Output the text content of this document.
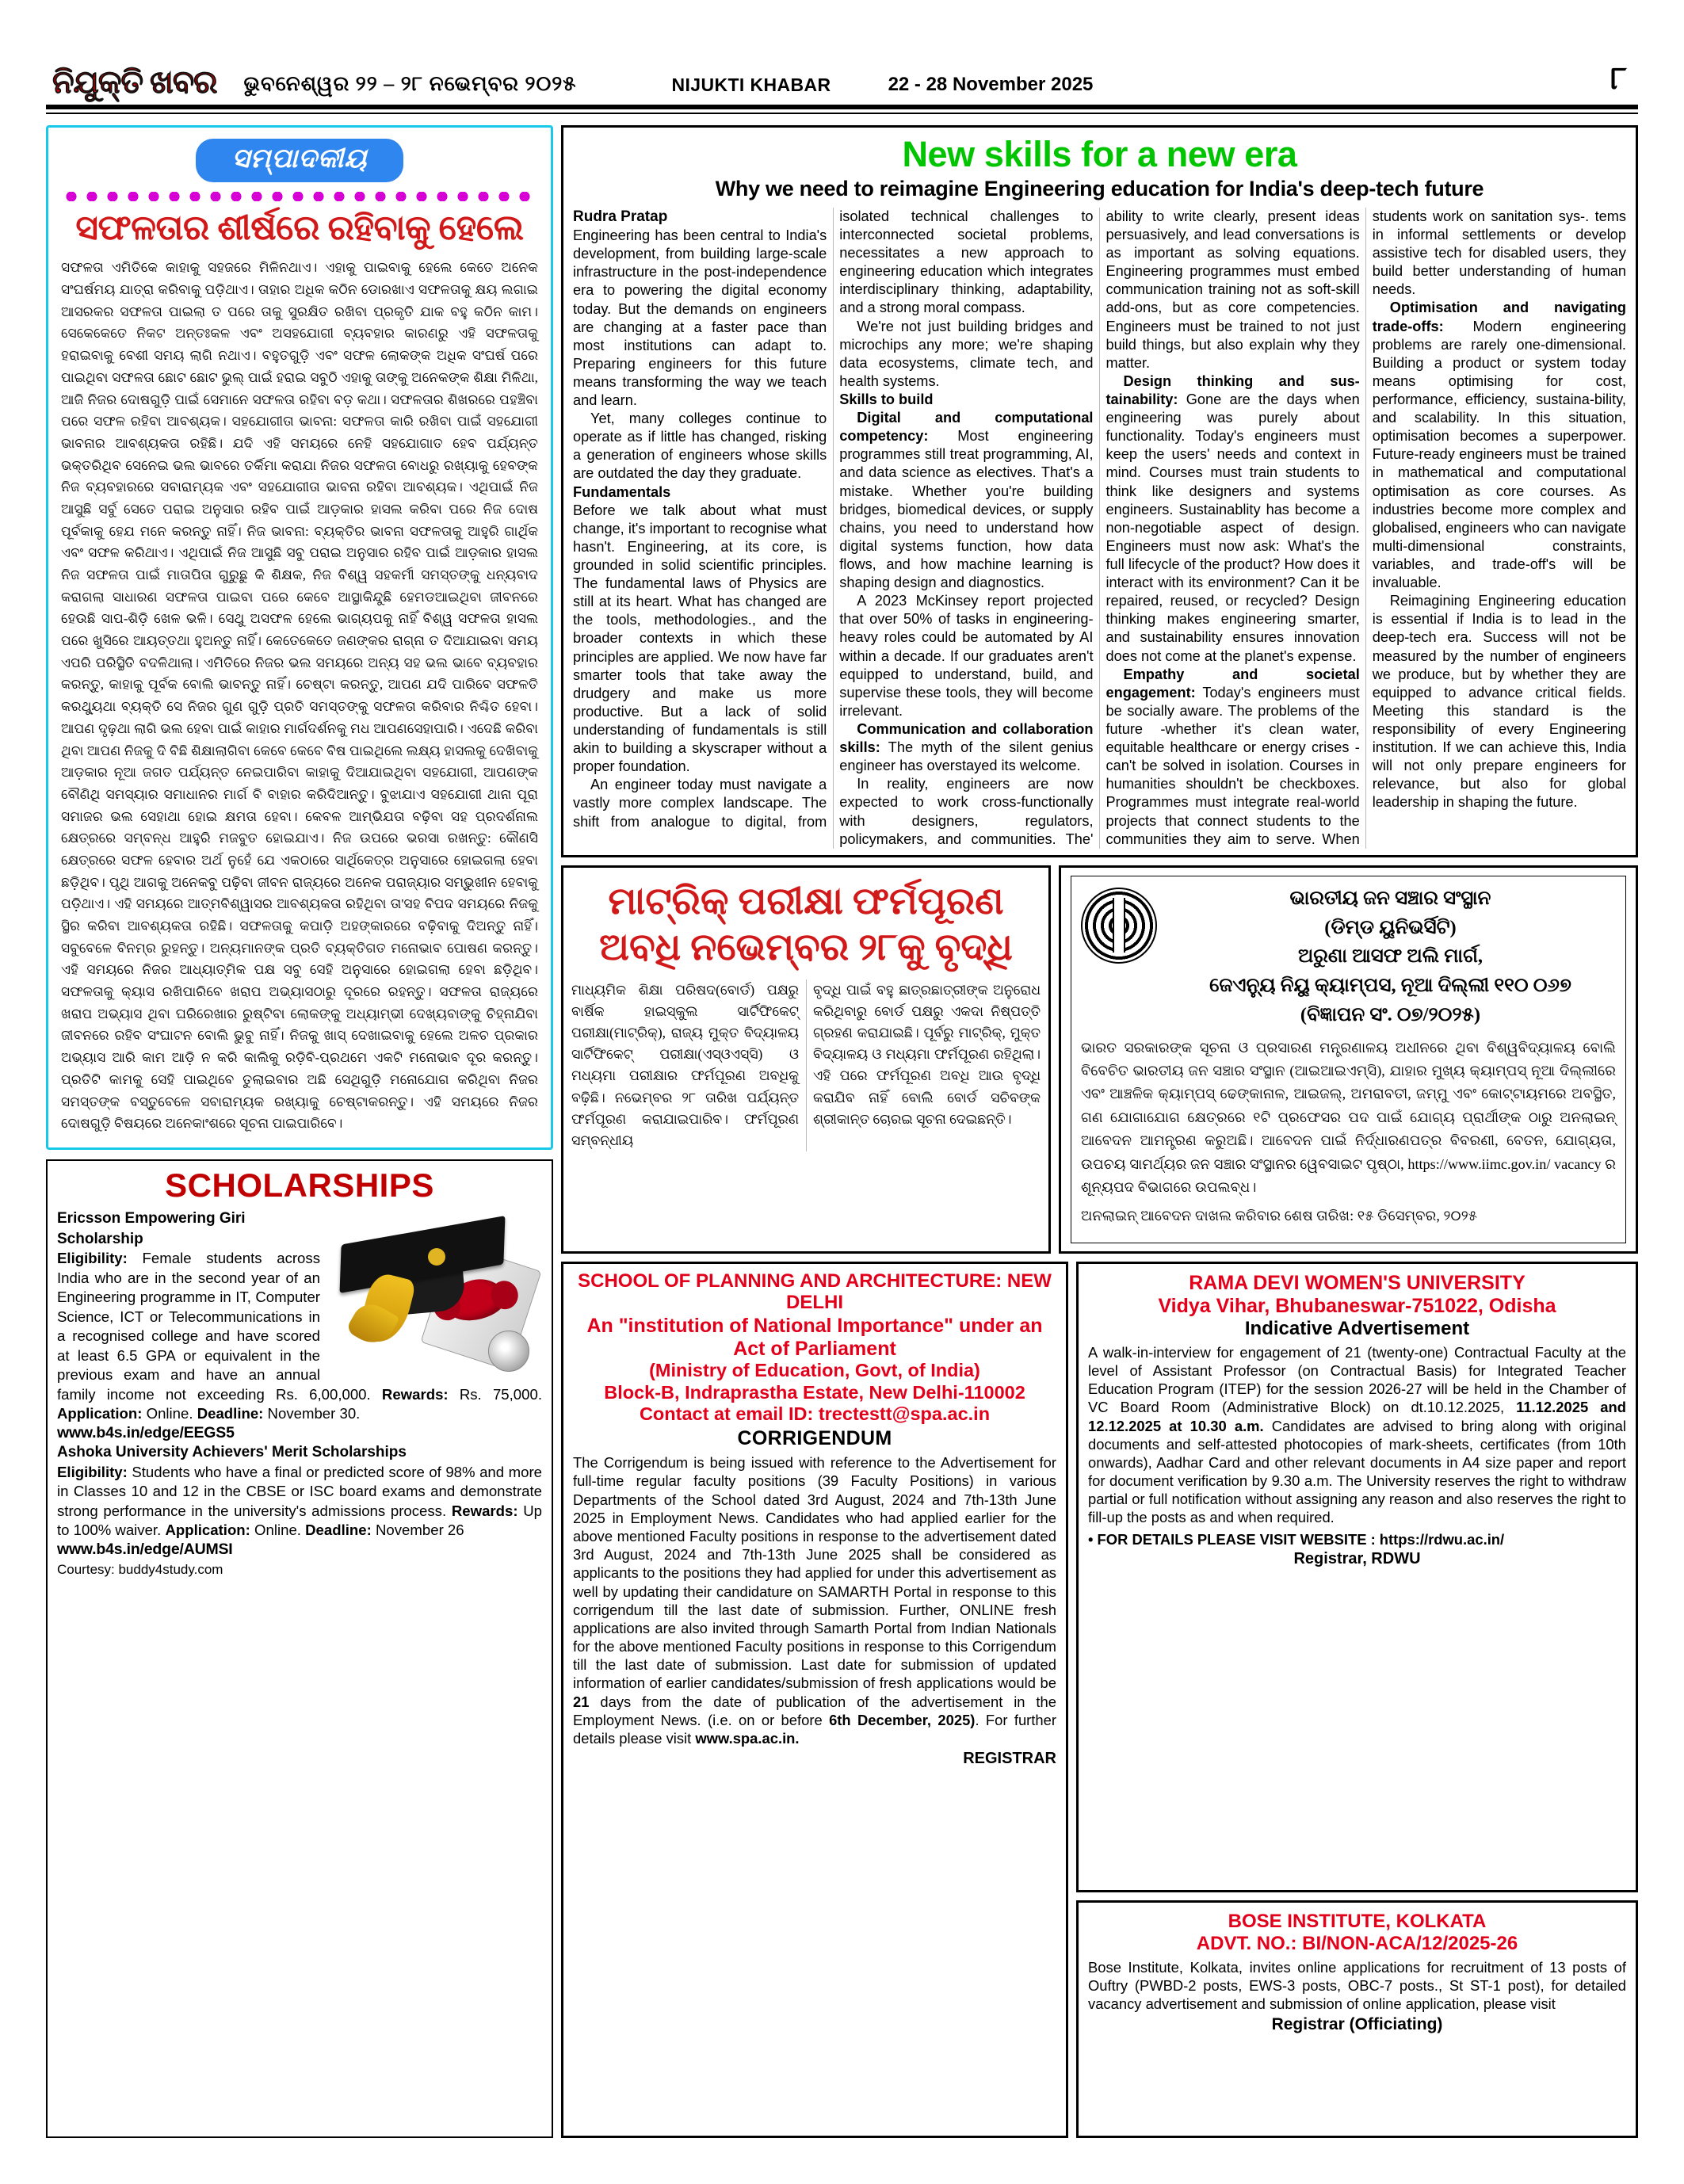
ନିଯୁକ୍ତି ଖବର	ଭୁବନେଶ୍ୱର ୨୨ – ୨୮ ନଭେମ୍ବର ୨୦୨୫	NIJUKTI KHABAR	22 - 28 November 2025	୮
ସମ୍ପାଦକୀୟ
ସଫଳତାର ଶୀର୍ଷରେ ରହିବାକୁ ହେଲେ
ସଫଳତା ଏମିତିକେ କାହାକୁ ସହଜରେ ମିଳିନଥାଏ। ଏହାକୁ ପାଇବାକୁ ହେଲେ କେତେ ଅନେକ ସଂଘର୍ଷମୟ ଯାତ୍ରା କରିବାକୁ ପଡ଼ିଥାଏ। ତାହାର ଅଧିକ କଠିନ ଡୋରଖାଏ ସଫଳତାକୁ କ୍ଷୟ ଲଗାଇ ଆସରକର ସଫଳତା ପାଇଲା ତ ପରେ ତାକୁ ସୁରକ୍ଷିତ ରଖିବା ପ୍ରକୃତି ଯାକ ବହୁ କଠିନ କାମ। ସେକେକେତେ ନିକଟ ଅନ୍ତଃକଳ ଏବଂ ଅସହଯୋଗୀ ବ୍ୟବହାର କାରଣରୁ ଏହି ସଫଳତାକୁ ହରାଇବାକୁ ବେଶୀ ସମୟ ଲାଗି ନଥାଏ। ବହୁତଗୁଡ଼ି ଏବଂ ସଫଳ ଲୋକଙ୍କ ଅଧିକ ସଂଘର୍ଷ ପରେ ପାଇଥିବା ସଫଳତା ଛୋଟ ଛୋଟ ଭୁଲ୍ ପାଇଁ ହରାଇ ସବୁଠି ଏହାକୁ ତାଙ୍କୁ ଅନେକଙ୍କ ଶିକ୍ଷା ମିଳିଥା, ଆଜି ନିଜର ଦୋଷଗୁଡ଼ି ପାଇଁ ସେମାନେ ସଫଳତା ରହିବା ବଡ଼ କଥା। ସଫଳତାର ଶିଖରରେ ପହଞ୍ଚିବା ପରେ ସଫଳ ରହିବା ଆବଶ୍ୟକ। ସହଯୋଗୀତା ଭାବନା: ସଫଳତା କାରି ରଖିବା ପାଇଁ ସହଯୋଗୀ ଭାବନାର ଆବଶ୍ୟକତା ରହିଛି। ଯଦି ଏହି ସମୟରେ ନେହି ସହଯୋଗାତ ହେବ ପର୍ଯ୍ୟନ୍ତ ଭକ୍ତରିଥିବ ସେନେଇ ଭଲ ଭାବରେ ତର୍କିମା କରାଯା ନିଜର ସଫଳତା ବୋଧରୁ ରଖ୍ୟାକୁ ହେବଙ୍କ ନିଜ ବ୍ୟବହାରରେ ସବାରାମ୍ୟକ ଏବଂ ସହଯୋଗୀତା ଭାବନା ରହିବା ଆବଶ୍ୟକ। ଏଥିପାଇଁ ନିଜ ଆସୁଛି ସର୍ବୁ ସେତେ ପରାଇ ଅନୁସାର ରହିବ ପାଇଁ ଆଡ଼କାର ହାସଲ କରିବା ପରେ ନିଜ ଦୋଷ ପୂର୍ବକାକୁ ହେଯ ମନେ କରନ୍ତୁ ନାହିଁ। ନିଜ ଭାବନା: ବ୍ୟକ୍ତିର ଭାବନା ସଫଳତାକୁ ଆହୁରି ଗାର୍ଥିକ ଏବଂ ସଫଳ କରିଥାଏ। ଏଥିପାଇଁ ନିଜ ଆସୁଛି ସବୁ ପରାଇ ଅନୁସାର ରହିବ ପାଇଁ ଆଡ଼କାର ହାସଲ ନିଜ ସଫଳତା ପାଇଁ ମାତାପିତା ଗୁରୁଛୁ କି ଶିକ୍ଷକ, ନିଜ ବିଶ୍ୱ ସହକର୍ମୀ ସମସ୍ତଙ୍କୁ ଧନ୍ୟବାଦ କରାଗଲା ସାଧାରଣ ସଫଳତା ପାଇବା ପରେ କେବେ ଆସ୍ଥାକିନ୍ଦୁଛି ହେମଡଆଇଥିବା ଜୀବନରେ ହେଉଛି ସାପ-ଶିଡ଼ି ଖେଳ ଭଳି। ସେଥୁ ଅସଫଳ ହେଲେ ଭାଗ୍ୟପକୁ ନାହିଁ ବିଶ୍ୱ ସଫଳତା ହାସଲ ପରେ ଖୁସିରେ ଆୟତ୍ତଥା ହୁଅନ୍ତୁ ନାହିଁ। କେତେକେତେ ଜଣଙ୍କର ରାଗ୍ନା ତ ଦିଆଯାଇବା ସମୟ ଏପରି ପରିସ୍ଥିତି ବଦଳିଥାଲା। ଏମିତିରେ ନିଜର ଭଲ ସମୟରେ ଅନ୍ୟ ସହ ଭଲ ଭାବେ ବ୍ୟବହାର କରନ୍ତୁ, କାହାକୁ ପୂର୍ବକ ବୋଲି ଭାବନ୍ତୁ ନାହିଁ। ଚେଷ୍ଟା କରନ୍ତୁ, ଆପଣ ଯଦି ପାରିବେ ସଫଳତି କରଥ୍ୟୁଥା ବ୍ୟକ୍ତି ସେ ନିଜର ଗୁଣ ଗୁଡ଼ି ପ୍ରତି ସମସ୍ତଙ୍କୁ ସଫଳତା କରିବାର ନିଶ୍ଚିତ ହେବା। ଆପଣ ଦୃଢ଼ଥା ଲାଗି ଭଲ ହେବା ପାଇଁ କାହାର ମାର୍ଗଦର୍ଶନକୁ ମଧ ଆପଣସେହାପାରି। ଏଦେଛି କରିବା ଥିବା ଆପଣ ନିଜକୁ ଦି ବିଛି ଶିକ୍ଷାଲାଗିବା କେବେ କେବେ ବିଷ ପାଇଥିଲେ ଲକ୍ଷ୍ୟ ହାସଲକୁ ଦେଖିବାକୁ ଆଡ଼କାର ନୂଆ ଜଗତ ପର୍ଯ୍ୟନ୍ତ ନେଇପାରିବା କାହାକୁ ଦିଆଯାଇଥିବା ସହଯୋଗୀ, ଆପଣଙ୍କ ବୌଣିଥି ସମସ୍ୟାର ସମାଧାନର ମାର୍ଗ ବି ବାହାର କରିଦିଆନ୍ତୁ। ବୁଝାଯାଏ ସହଯୋଗୀ ଥାନା ପୂରା ସମାଜର ଭଲ ସେହାଥା ହୋଇ କ୍ଷମତା ହେବା। କେବଳ ଆମ୍ଭିଯତା ବଢ଼ିବା ସହ ପ୍ରଦର୍ଶନାଲ କ୍ଷେତ୍ରରେ ସମ୍ବନ୍ଧ ଆହୁରି ମଜବୁତ ହୋଇଯାଏ। ନିଜ ଉପରେ ଭରସା ରଖନ୍ତୁ: କୌଣସି କ୍ଷେତ୍ରରେ ସଫଳ ହେବାର ଅର୍ଥ ନୁହେଁ ଯେ ଏକଠାରେ ସାର୍ଥିକେତ୍ର ଅନୁସାରେ ହୋଇଗଲା ହେବା ଛଡ଼ିଥିବ। ପୃଥି ଆଗକୁ ଅନେକବୁ ପଢ଼ିବା ଜୀବନ ରାଜ୍ୟରେ ଅନେକ ପରାଜ୍ୟାର ସମ୍ଭୁଖୀନ ହେବାକୁ ପଡ଼ିଥାଏ। ଏହି ସମୟରେ ଆତ୍ମବିଶ୍ୱାସର ଆବଶ୍ୟକତା ରହିଥିବା ତା'ସହ ବିପଦ ସମୟରେ ନିଜକୁ ସ୍ଥିର କରିବା ଆବଶ୍ୟକତା ରହିଛି। ସଫଳତାକୁ କପାଡ଼ି ଅହଙ୍କାରରେ ବଢ଼ିବାକୁ ଦିଅନ୍ତୁ ନାହିଁ। ସବୁବେଳେ ବିନମ୍ର ରୁହନ୍ତୁ। ଅନ୍ୟମାନଙ୍କ ପ୍ରତି ବ୍ୟକ୍ତିଗତ ମନୋଭାବ ପୋଷଣ କରନ୍ତୁ। ଏହି ସମୟରେ ନିଜର ଆଧ୍ୟାତ୍ମିକ ପକ୍ଷ ସବୁ ସେହି ଅନୁସାରେ ହୋଇଗଲା ହେବା ଛଡ଼ିଥିବ। ସଫଳତାକୁ କ୍ୟାସ ରଖିପାରିବେ ଖରାପ ଅଭ୍ୟାସଠାରୁ ଦୂରରେ ରହନ୍ତୁ। ସଫଳତା ରାଜ୍ୟରେ ଖରାପ ଅଭ୍ୟାସ ଥିବା ଘରିରେଖାର ରୁଷ୍ଟିବା ଲୋକଙ୍କୁ ଅଧ୍ୟାମ୍ଭୀ ଦେଖ୍ୟବାଙ୍କୁ ଚିହ୍ନାଯିବା ଜୀବନରେ ରହିବ ସଂଘାଟନ ବୋଲି ଭୁବୁ ନାହିଁ। ନିଜକୁ ଖାସ୍ ଦେଖାଇବାକୁ ହେଲେ ଅଳଚ ପ୍ରକାର ଅଭ୍ୟାସ ଆରି କାମ ଆଡ଼ି ନ କରି କାଲିକୁ ରଡ଼ିବି-ପ୍ରଥମେ ଏକଟି ମନୋଭାବ ଦୂର କରନ୍ତୁ। ପ୍ରତିଟି କାମକୁ ସେହି ପାଇଥିବେ ତୁଲାଇବାର ଅଛି ସେଥିଗୁଡ଼ି ମନୋଯୋଗ କରିଥିବା ନିଜର ସମସ୍ତଙ୍କ ବସ୍ତୁବେଳେ ସବାରାମ୍ୟକ ରଖ୍ୟାକୁ ଚେଷ୍ଟାକରନ୍ତୁ। ଏହି ସମୟରେ ନିଜର ଦୋଷଗୁଡ଼ି ବିଷୟରେ ଅନେକାଂଶରେ ସୂଚନା ପାଇପାରିବେ।
SCHOLARSHIPS
Ericsson Empowering Giri Scholarship
Eligibility: Female students across India who are in the second year of an Engineering programme in IT, Computer Science, ICT or Telecommunications in a recognised college and have scored at least 6.5 GPA or equivalent in the previous exam and have an annual family income not exceeding Rs. 6,00,000. Rewards: Rs. 75,000. Application: Online. Deadline: November 30.
www.b4s.in/edge/EEGS5
Ashoka University Achievers' Merit Scholarships
Eligibility: Students who have a final or predicted score of 98% and more in Classes 10 and 12 in the CBSE or ISC board exams and demonstrate strong performance in the university's admissions process. Rewards: Up to 100% waiver. Application: Online. Deadline: November 26
www.b4s.in/edge/AUMSI
Courtesy: buddy4study.com
New skills for a new era
Why we need to reimagine Engineering education for India's deep-tech future

Rudra Pratap
Engineering has been central to India's development, from building large-scale infrastructure in the post-independence era to powering the digital economy today. But the demands on engineers are changing at a faster pace than most institutions can adapt to. Preparing engineers for this future means transforming the way we teach and learn.

Yet, many colleges continue to operate as if little has changed, risking a generation of engineers whose skills are outdated the day they graduate.

Fundamentals

Before we talk about what must change, it's important to recognise what hasn't. Engineering, at its core, is grounded in solid scientific principles. The fundamental laws of Physics are still at its heart. What has changed are the tools, methodologies., and the broader contexts in which these principles are applied. We now have far smarter tools that take away the drudgery and make us more productive. But a lack of solid understanding of fundamentals is still akin to building a skyscraper without a proper foundation.

An engineer today must navigate a vastly more complex landscape. The shift from analogue to digital, from isolated technical challenges to interconnected societal problems, necessitates a new approach to engineering education which integrates interdisciplinary thinking, adaptability, and a strong moral compass.

We're not just building bridges and microchips any more; we're shaping data ecosystems, climate tech, and health systems.

Skills to build

Digital and computational competency: Most engineering programmes still treat programming, AI, and data science as electives. That's a mistake. Whether you're building bridges, biomedical devices, or supply chains, you need to understand how digital systems function, how data flows, and how machine learning is shaping design and diagnostics.

A 2023 McKinsey report projected that over 50% of tasks in engineering-heavy roles could be automated by AI within a decade. If our graduates aren't equipped to understand, build, and supervise these tools, they will become irrelevant.

Communication and collaboration skills: The myth of the silent genius engineer has overstayed its welcome.

In reality, engineers are now expected to work cross-functionally with designers, regulators, policymakers, and communities. The' ability to write clearly, present ideas persuasively, and lead conversations is as important as solving equations. Engineering programmes must embed communication training not as soft-skill add-ons, but as core competencies. Engineers must be trained to not just build things, but also explain why they matter.

Design thinking and sus-tainability: Gone are the days when engineering was purely about functionality. Today's engineers must keep the users' needs and context in mind. Courses must train students to think like designers and systems engineers. Sustainablity has become a non-negotiable aspect of design. Engineers must now ask: What's the full lifecycle of the product? How does it interact with its environment? Can it be repaired, reused, or recycled? Design thinking makes engineering smarter, and sustainability ensures innovation does not come at the planet's expense.

Empathy and societal engagement: Today's engineers must be socially aware. The problems of the future -whether it's clean water, equitable healthcare or energy crises - can't be solved in isolation. Courses in humanities shouldn't be checkboxes. Programmes must integrate real-world projects that connect students to the communities they aim to serve. When students work on sanitation sys-. tems in informal settlements or develop assistive tech for disabled users, they build better understanding of human needs.

Optimisation and navigating trade-offs: Modern engineering problems are rarely one-dimensional. Building a product or system today means optimising for cost, performance, efficiency, sustaina-bility, and scalability. In this situation, optimisation becomes a superpower. Future-ready engineers must be trained in mathematical and computational optimisation as core courses. As industries become more complex and globalised, engineers who can navigate multi-dimensional constraints, variables, and trade-off's will be invaluable.

Reimagining Engineering education is essential if India is to lead in the deep-tech era. Success will not be measured by the number of engineers we produce, but by whether they are equipped to advance critical fields. Meeting this standard is the responsibility of every Engineering institution. If we can achieve this, India will not only prepare engineers for relevance, but also for global leadership in shaping the future.

ମାଟ୍ରିକ୍ ପରୀକ୍ଷା ଫର୍ମପୂରଣ
ଅବଧି ନଭେମ୍ବର ୨୮କୁ ବୃଦ୍ଧି

ମାଧ୍ୟମିକ ଶିକ୍ଷା ପରିଷଦ(ବୋର୍ଡ) ପକ୍ଷରୁ ବାର୍ଷିକ ହାଇସ୍କୁଲ ସାର୍ଟିଫିକେଟ୍ ପରୀକ୍ଷା(ମାଟ୍ରିକ୍), ରାଜ୍ୟ ମୁକ୍ତ ବିଦ୍ୟାଳୟ ସାର୍ଟିଫିକେଟ୍ ପରୀକ୍ଷା(ଏସ୍ଓଏସ୍ସି) ଓ ମଧ୍ୟମା ପରୀକ୍ଷାର ଫର୍ମପୂରଣ ଅବଧିକୁ ବଢ଼ିଛି। ନଭେମ୍ବର ୨୮ ତାରିଖ ପର୍ଯ୍ୟନ୍ତ ଫର୍ମପୂରଣ କରାଯାଇପାରିବ। ଫର୍ମପୂରଣ ସମ୍ବନ୍ଧୀୟ

ବୃଦ୍ଧି ପାଇଁ ବହୁ ଛାତ୍ରଛାତ୍ରୀଙ୍କ ଅନୁରୋଧ କରିଥିବାରୁ ବୋର୍ଡ ପକ୍ଷରୁ ଏକଦା ନିଷ୍ପତ୍ତି ଗ୍ରହଣ କରାଯାଇଛି। ପୂର୍ବରୁ ମାଟ୍ରିକ୍, ମୁକ୍ତ ବିଦ୍ୟାଳୟ ଓ ମଧ୍ୟମା ଫର୍ମପୂରଣ ରହିଥିଲା। ଏହି ପରେ ଫର୍ମପୂରଣ ଅବଧି ଆଉ ବୃଦ୍ଧି କରାଯିବ ନାହିଁ ବୋଲି ବୋର୍ଡ ସଚିବଙ୍କ ଶ୍ରୀକାନ୍ତ ଚୋରଇ ସୂଚନା ଦେଇଛନ୍ତି।

ଭାରତୀୟ ଜନ ସଞ୍ଚାର ସଂସ୍ଥାନ
(ଡିମ୍ଡ ୟୁନିଭର୍ସିଟି)
ଅରୁଣା ଆସଫ ଅଲି ମାର୍ଗ,
ଜେଏନ୍ୟୁ ନିୟୁ କ୍ୟାମ୍ପସ, ନୂଆ ଦିଲ୍ଲୀ ୧୧୦ ୦୬୭
(ବିଜ୍ଞାପନ ସଂ. ୦୭/୨୦୨୫)
ଭାରତ ସରକାରଙ୍କ ସୂଚନା ଓ ପ୍ରସାରଣ ମନ୍ତ୍ରଣାଳୟ ଅଧୀନରେ ଥିବା ବିଶ୍ୱବିଦ୍ୟାଳୟ ବୋଲି ବିବେଚିତ ଭାରତୀୟ ଜନ ସଞ୍ଚାର ସଂସ୍ଥାନ (ଆଇଆଇଏମ୍ସି), ଯାହାର ମୁଖ୍ୟ କ୍ୟାମ୍ପସ୍ ନୂଆ ଦିଲ୍ଲୀରେ ଏବଂ ଆଞ୍ଚଳିକ କ୍ୟାମ୍ପସ୍ ଢେଙ୍କାନାଳ, ଆଇଜଲ୍, ଅମରାବତୀ, ଜମ୍ମୁ ଏବଂ କୋଟ୍ଟାୟମରେ ଅବସ୍ଥିତ, ଗଣ ଯୋଗାଯୋଗ କ୍ଷେତ୍ରରେ ୧ଟି ପ୍ରଫେସର ପଦ ପାଇଁ ଯୋଗ୍ୟ ପ୍ରାର୍ଥୀଙ୍କ ଠାରୁ ଅନଲାଇନ୍ ଆବେଦନ ଆମନ୍ତ୍ରଣ କରୁଅଛି। ଆବେଦନ ପାଇଁ ନିର୍ଦ୍ଧାରଣପତ୍ର ବିବରଣୀ, ବେତନ, ଯୋଗ୍ୟତା, ଉପଚୟ ସାମର୍ଥ୍ୟର ଜନ ସଞ୍ଚାର ସଂସ୍ଥାନର ୱେବସାଇଟ ପୃଷ୍ଠା, https://www.iimc.gov.in/ vacancy ର ଶୂନ୍ୟପଦ ବିଭାଗରେ ଉପଲବ୍ଧ।
ଅନଲାଇନ୍ ଆବେଦନ ଦାଖଲ କରିବାର ଶେଷ ତାରିଖ: ୧୫ ଡିସେମ୍ବର, ୨୦୨୫
SCHOOL OF PLANNING AND ARCHITECTURE: NEW DELHI
An "institution of National Importance" under an Act of Parliament
(Ministry of Education, Govt, of India)
Block-B, Indraprastha Estate, New Delhi-110002
Contact at email ID: trectestt@spa.ac.in
CORRIGENDUM
The Corrigendum is being issued with reference to the Advertisement for full-time regular faculty positions (39 Faculty Positions) in various Departments of the School dated 3rd August, 2024 and 7th-13th June 2025 in Employment News. Candidates who had applied earlier for the above mentioned Faculty positions in response to the advertisement dated 3rd August, 2024 and 7th-13th June 2025 shall be considered as applicants to the positions they had applied for under this advertisement as well by updating their candidature on SAMARTH Portal in response to this corrigendum till the last date of submission. Further, ONLINE fresh applications are also invited through Samarth Portal from Indian Nationals for the above mentioned Faculty positions in response to this Corrigendum till the last date of submission. Last date for submission of updated information of earlier candidates/submission of fresh applications would be 21 days from the date of publication of the advertisement in the Employment News. (i.e. on or before 6th December, 2025). For further details please visit www.spa.ac.in.
REGISTRAR
RAMA DEVI WOMEN'S UNIVERSITY
Vidya Vihar, Bhubaneswar-751022, Odisha
Indicative Advertisement
A walk-in-interview for engagement of 21 (twenty-one) Contractual Faculty at the level of Assistant Professor (on Contractual Basis) for Integrated Teacher Education Program (ITEP) for the session 2026-27 will be held in the Chamber of VC Board Room (Administrative Block) on dt.10.12.2025, 11.12.2025 and 12.12.2025 at 10.30 a.m. Candidates are advised to bring along with original documents and self-attested photocopies of mark-sheets, certificates (from 10th onwards), Aadhar Card and other relevant documents in A4 size paper and report for document verification by 9.30 a.m. The University reserves the right to withdraw partial or full notification without assigning any reason and also reserves the right to fill-up the posts as and when required.
• FOR DETAILS PLEASE VISIT WEBSITE : https://rdwu.ac.in/
Registrar, RDWU
BOSE INSTITUTE, KOLKATA
ADVT. NO.: BI/NON-ACA/12/2025-26
Bose Institute, Kolkata, invites online applications for recruitment of 13 posts of Ouftry (PWBD-2 posts, EWS-3 posts, OBC-7 posts., St ST-1 post), for detailed vacancy advertisement and submission of online application, please visit
Registrar (Officiating)
